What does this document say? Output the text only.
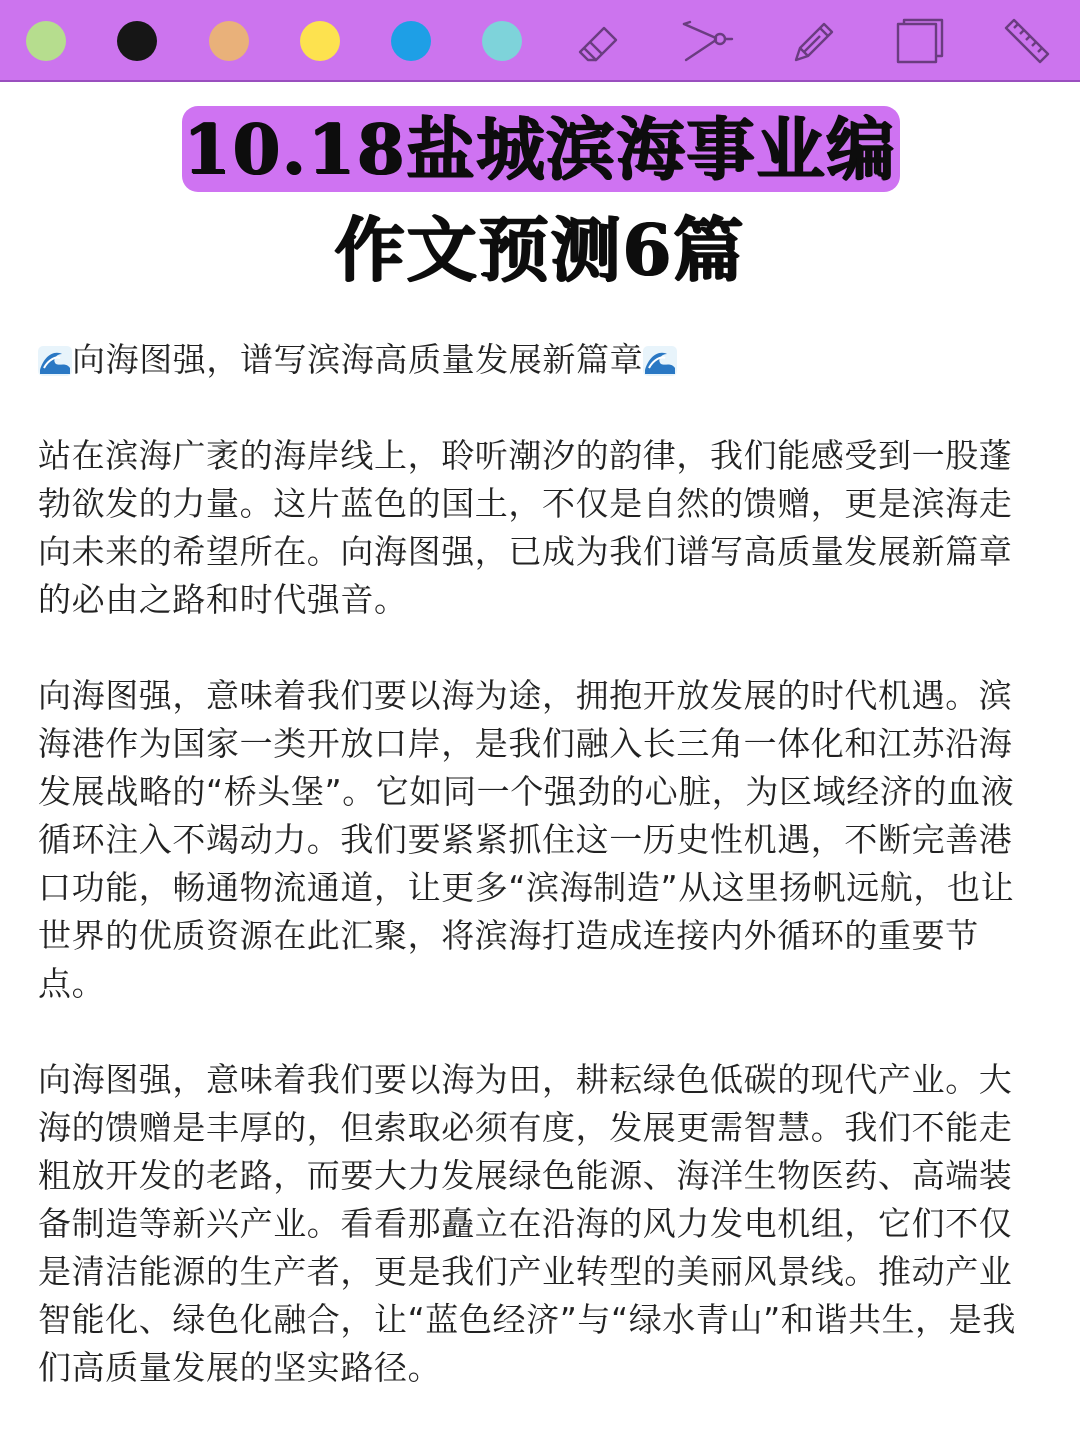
10.18盐城滨海事业编
作文预测6篇
向海图强，谱写滨海高质量发展新篇章

站在滨海广袤的海岸线上，聆听潮汐的韵律，我们能感受到一股蓬勃欲发的力量。这片蓝色的国土，不仅是自然的馈赠，更是滨海走向未来的希望所在。向海图强，已成为我们谱写高质量发展新篇章的必由之路和时代强音。

向海图强，意味着我们要以海为途，拥抱开放发展的时代机遇。滨海港作为国家一类开放口岸，是我们融入长三角一体化和江苏沿海发展战略的“桥头堡”。它如同一个强劲的心脏，为区域经济的血液循环注入不竭动力。我们要紧紧抓住这一历史性机遇，不断完善港口功能，畅通物流通道，让更多“滨海制造”从这里扬帆远航，也让世界的优质资源在此汇聚，将滨海打造成连接内外循环的重要节点。

向海图强，意味着我们要以海为田，耕耘绿色低碳的现代产业。大海的馈赠是丰厚的，但索取必须有度，发展更需智慧。我们不能走粗放开发的老路，而要大力发展绿色能源、海洋生物医药、高端装备制造等新兴产业。看看那矗立在沿海的风力发电机组，它们不仅是清洁能源的生产者，更是我们产业转型的美丽风景线。推动产业智能化、绿色化融合，让“蓝色经济”与“绿水青山”和谐共生，是我们高质量发展的坚实路径。
